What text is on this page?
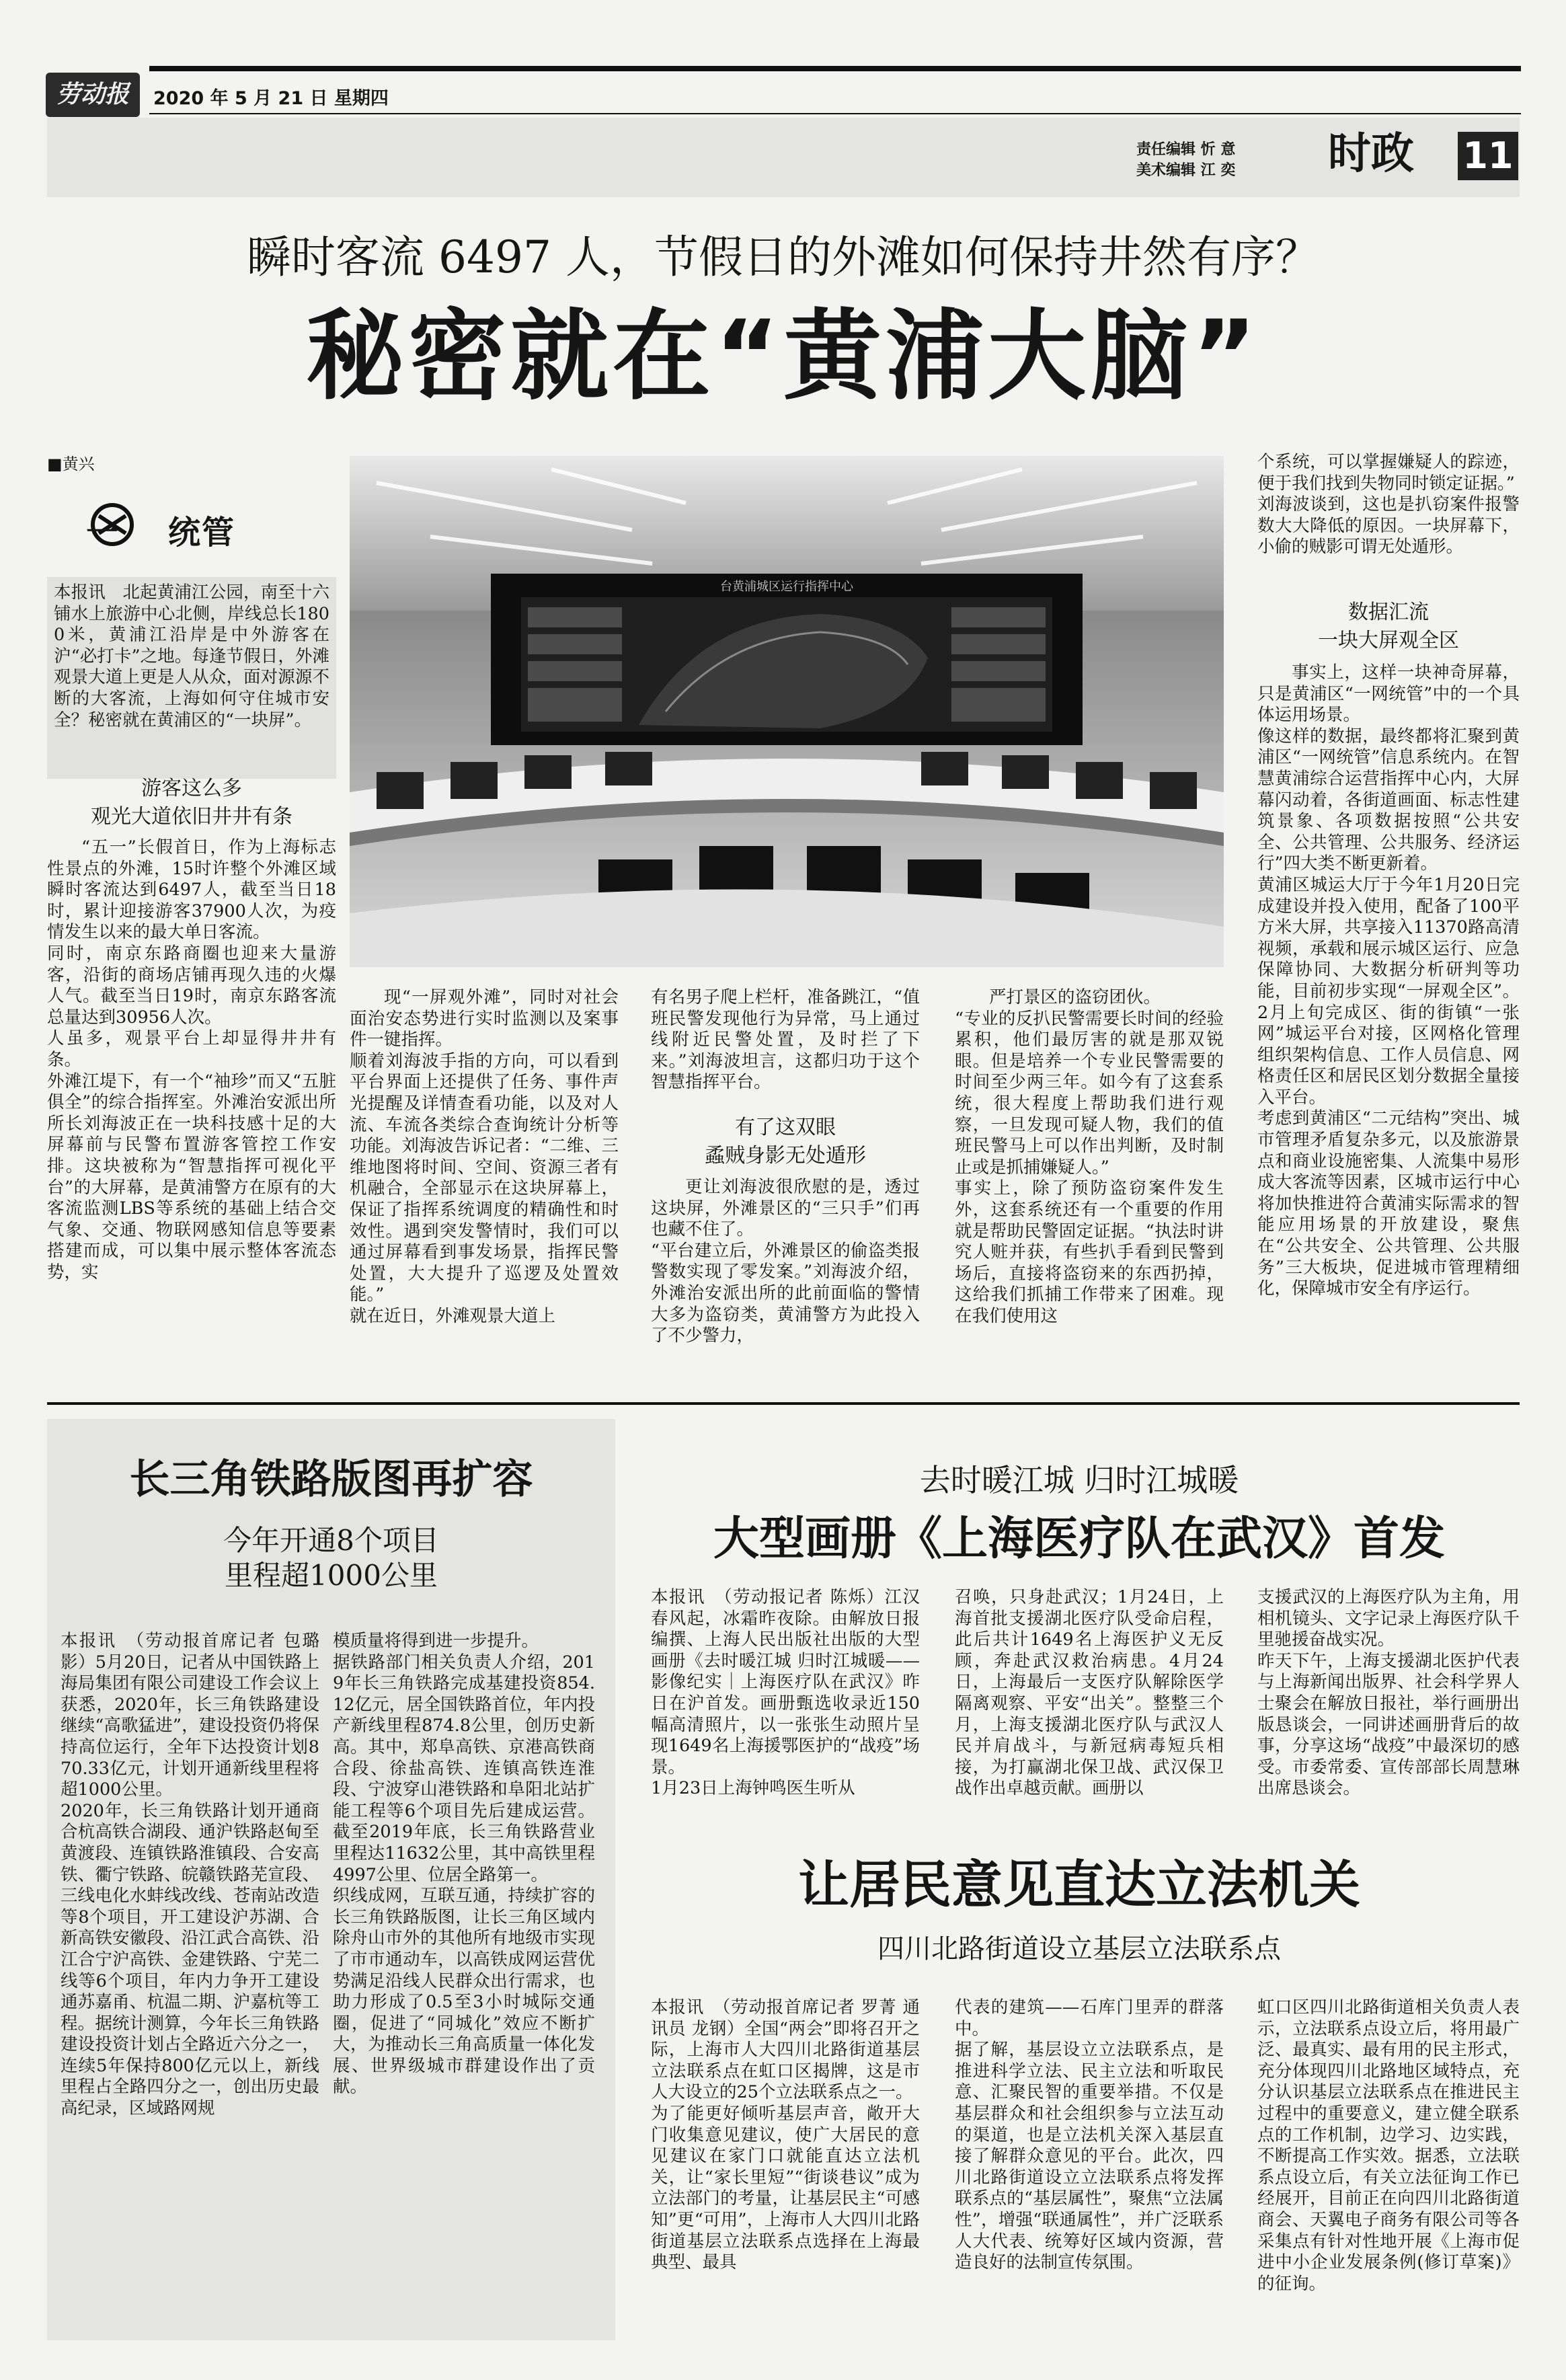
劳动报	2020 年 5 月 21 日 星期四
责任编辑 忻 意
美术编辑 江 奕 时政 11
瞬时客流 6497 人，节假日的外滩如何保持井然有序？
秘密就在“黄浦大脑”
■黄兴
一 统管
台黄浦城区运行指挥中心
本报讯　北起黄浦江公园，南至十六铺水上旅游中心北侧，岸线总长1800米，黄浦江沿岸是中外游客在沪“必打卡”之地。每逢节假日，外滩观景大道上更是人从众，面对源源不断的大客流，上海如何守住城市安全？秘密就在黄浦区的“一块屏”。
游客这么多
观光大道依旧井井有条
“五一”长假首日，作为上海标志性景点的外滩，15时许整个外滩区域瞬时客流达到6497人，截至当日18时，累计迎接游客37900人次，为疫情发生以来的最大单日客流。
同时，南京东路商圈也迎来大量游客，沿街的商场店铺再现久违的火爆人气。截至当日19时，南京东路客流总量达到30956人次。
人虽多，观景平台上却显得井井有条。
外滩江堤下，有一个“袖珍”而又“五脏俱全”的综合指挥室。外滩治安派出所所长刘海波正在一块科技感十足的大屏幕前与民警布置游客管控工作安排。这块被称为“智慧指挥可视化平台”的大屏幕，是黄浦警方在原有的大客流监测LBS等系统的基础上结合交气象、交通、物联网感知信息等要素搭建而成，可以集中展示整体客流态势，实
现“一屏观外滩”，同时对社会面治安态势进行实时监测以及案事件一键指挥。
顺着刘海波手指的方向，可以看到平台界面上还提供了任务、事件声光提醒及详情查看功能，以及对人流、车流各类综合查询统计分析等功能。刘海波告诉记者：“二维、三维地图将时间、空间、资源三者有机融合，全部显示在这块屏幕上，保证了指挥系统调度的精确性和时效性。遇到突发警情时，我们可以通过屏幕看到事发场景，指挥民警处置，大大提升了巡逻及处置效能。”
就在近日，外滩观景大道上
有名男子爬上栏杆，准备跳江，“值班民警发现他行为异常，马上通过线附近民警处置，及时拦了下来。”刘海波坦言，这都归功于这个智慧指挥平台。
有了这双眼
蟊贼身影无处遁形
更让刘海波很欣慰的是，透过这块屏，外滩景区的“三只手”们再也藏不住了。
“平台建立后，外滩景区的偷盗类报警数实现了零发案。”刘海波介绍，外滩治安派出所的此前面临的警情大多为盗窃类，黄浦警方为此投入了不少警力，
严打景区的盗窃团伙。
“专业的反扒民警需要长时间的经验累积，他们最厉害的就是那双锐眼。但是培养一个专业民警需要的时间至少两三年。如今有了这套系统，很大程度上帮助我们进行观察，一旦发现可疑人物，我们的值班民警马上可以作出判断，及时制止或是抓捕嫌疑人。”
事实上，除了预防盗窃案件发生外，这套系统还有一个重要的作用就是帮助民警固定证据。“执法时讲究人赃并获，有些扒手看到民警到场后，直接将盗窃来的东西扔掉，这给我们抓捕工作带来了困难。现在我们使用这
个系统，可以掌握嫌疑人的踪迹，便于我们找到失物同时锁定证据。”
刘海波谈到，这也是扒窃案件报警数大大降低的原因。一块屏幕下，小偷的贼影可谓无处遁形。
数据汇流
一块大屏观全区
事实上，这样一块神奇屏幕，只是黄浦区“一网统管”中的一个具体运用场景。
像这样的数据，最终都将汇聚到黄浦区“一网统管”信息系统内。在智慧黄浦综合运营指挥中心内，大屏幕闪动着，各街道画面、标志性建筑景象、各项数据按照“公共安全、公共管理、公共服务、经济运行”四大类不断更新着。
黄浦区城运大厅于今年1月20日完成建设并投入使用，配备了100平方米大屏，共享接入11370路高清视频，承载和展示城区运行、应急保障协同、大数据分析研判等功能，目前初步实现“一屏观全区”。2月上旬完成区、街的街镇“一张网”城运平台对接，区网格化管理组织架构信息、工作人员信息、网格责任区和居民区划分数据全量接入平台。
考虑到黄浦区“二元结构”突出、城市管理矛盾复杂多元，以及旅游景点和商业设施密集、人流集中易形成大客流等因素，区城市运行中心将加快推进符合黄浦实际需求的智能应用场景的开放建设，聚焦在“公共安全、公共管理、公共服务”三大板块，促进城市管理精细化，保障城市安全有序运行。
长三角铁路版图再扩容
今年开通8个项目
里程超1000公里
本报讯　（劳动报首席记者 包璐影）5月20日，记者从中国铁路上海局集团有限公司建设工作会议上获悉，2020年，长三角铁路建设继续“高歌猛进”，建设投资仍将保持高位运行，全年下达投资计划870.33亿元，计划开通新线里程将超1000公里。
2020年，长三角铁路计划开通商合杭高铁合湖段、通沪铁路赵甸至黄渡段、连镇铁路淮镇段、合安高铁、衢宁铁路、皖赣铁路芜宣段、三线电化水蚌线改线、苍南站改造等8个项目，开工建设沪苏湖、合新高铁安徽段、沿江武合高铁、沿江合宁沪高铁、金建铁路、宁芜二线等6个项目，年内力争开工建设通苏嘉甬、杭温二期、沪嘉杭等工程。据统计测算，今年长三角铁路建设投资计划占全路近六分之一，连续5年保持800亿元以上，新线里程占全路四分之一，创出历史最高纪录，区域路网规
模质量将得到进一步提升。
据铁路部门相关负责人介绍，2019年长三角铁路完成基建投资854.12亿元，居全国铁路首位，年内投产新线里程874.8公里，创历史新高。其中，郑阜高铁、京港高铁商合段、徐盐高铁、连镇高铁连淮段、宁波穿山港铁路和阜阳北站扩能工程等6个项目先后建成运营。截至2019年底，长三角铁路营业里程达11632公里，其中高铁里程4997公里、位居全路第一。
织线成网，互联互通，持续扩容的长三角铁路版图，让长三角区域内除舟山市外的其他所有地级市实现了市市通动车，以高铁成网运营优势满足沿线人民群众出行需求，也助力形成了0.5至3小时城际交通圈，促进了“同城化”效应不断扩大，为推动长三角高质量一体化发展、世界级城市群建设作出了贡献。
去时暖江城 归时江城暖
大型画册《上海医疗队在武汉》首发
本报讯　（劳动报记者 陈烁）江汉春风起，冰霜昨夜除。由解放日报编撰、上海人民出版社出版的大型画册《去时暖江城 归时江城暖——影像纪实｜上海医疗队在武汉》昨日在沪首发。画册甄选收录近150幅高清照片，以一张张生动照片呈现1649名上海援鄂医护的“战疫”场景。
1月23日上海钟鸣医生听从
召唤，只身赴武汉；1月24日，上海首批支援湖北医疗队受命启程，此后共计1649名上海医护义无反顾，奔赴武汉救治病患。4月24日，上海最后一支医疗队解除医学隔离观察、平安“出关”。整整三个月，上海支援湖北医疗队与武汉人民并肩战斗，与新冠病毒短兵相接，为打赢湖北保卫战、武汉保卫战作出卓越贡献。画册以
支援武汉的上海医疗队为主角，用相机镜头、文字记录上海医疗队千里驰援奋战实况。
昨天下午，上海支援湖北医护代表与上海新闻出版界、社会科学界人士聚会在解放日报社，举行画册出版恳谈会，一同讲述画册背后的故事，分享这场“战疫”中最深切的感受。市委常委、宣传部部长周慧琳出席恳谈会。
让居民意见直达立法机关
四川北路街道设立基层立法联系点
本报讯　（劳动报首席记者 罗菁 通讯员 龙钢）全国“两会”即将召开之际，上海市人大四川北路街道基层立法联系点在虹口区揭牌，这是市人大设立的25个立法联系点之一。
为了能更好倾听基层声音，敞开大门收集意见建议，使广大居民的意见建议在家门口就能直达立法机关，让“家长里短”“街谈巷议”成为立法部门的考量，让基层民主“可感知”更“可用”，上海市人大四川北路街道基层立法联系点选择在上海最典型、最具
代表的建筑——石库门里弄的群落中。
据了解，基层设立立法联系点，是推进科学立法、民主立法和听取民意、汇聚民智的重要举措。不仅是基层群众和社会组织参与立法互动的渠道，也是立法机关深入基层直接了解群众意见的平台。此次，四川北路街道设立立法联系点将发挥联系点的“基层属性”，聚焦“立法属性”，增强“联通属性”，并广泛联系人大代表、统筹好区域内资源，营造良好的法制宣传氛围。
虹口区四川北路街道相关负责人表示，立法联系点设立后，将用最广泛、最真实、最有用的民主形式，充分体现四川北路地区域特点，充分认识基层立法联系点在推进民主过程中的重要意义，建立健全联系点的工作机制，边学习、边实践，不断提高工作实效。据悉，立法联系点设立后，有关立法征询工作已经展开，目前正在向四川北路街道商会、天翼电子商务有限公司等各采集点有针对性地开展《上海市促进中小企业发展条例(修订草案)》的征询。
